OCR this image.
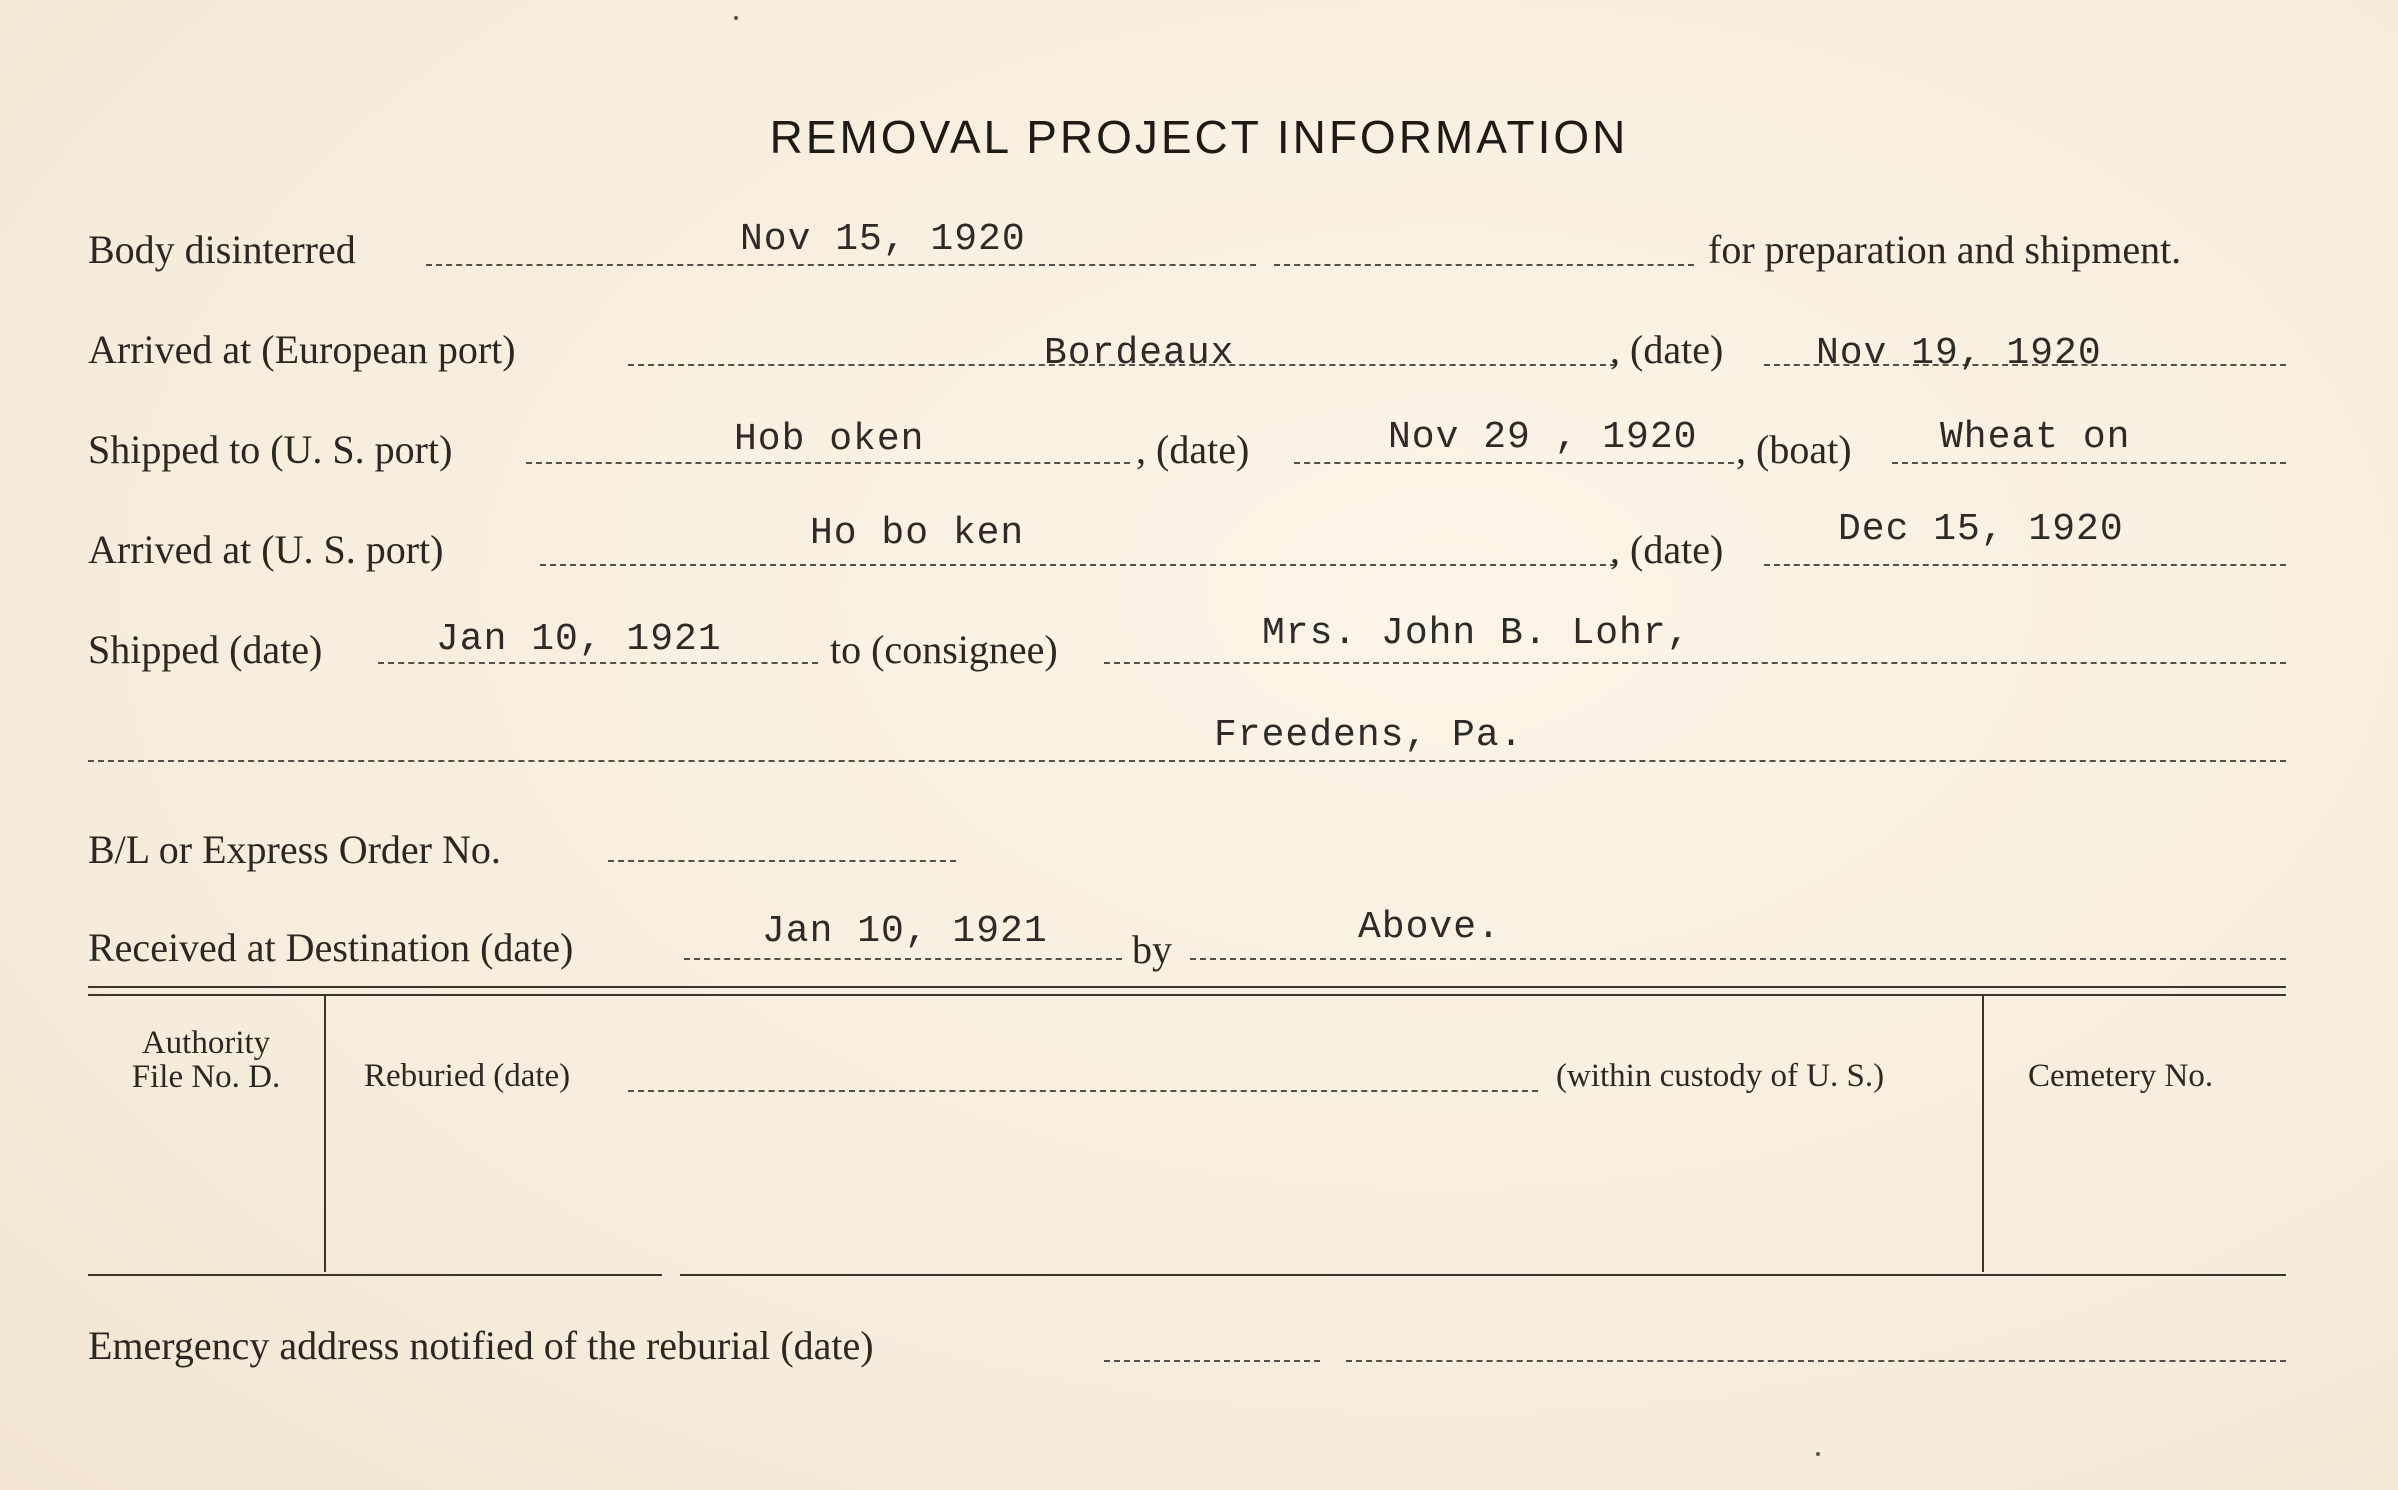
REMOVAL PROJECT INFORMATION
Body disinterred	Nov 15, 1920	for preparation and shipment.
Arrived at (European port)	Bordeaux	, (date) Nov 19, 1920
Shipped to (U. S. port)	Hob oken	, (date)	Nov 29 , 1920 , (boat) Wheat on
Arrived at (U. S. port)	Ho bo ken	, (date)	Dec 15, 1920
Shipped (date)	Jan 10, 1921	to (consignee)	Mrs. John B. Lohr,
Freedens, Pa.
B/L or Express Order No.
Received at Destination (date)	Jan 10, 1921 by	Above.
Authority
File No. D.	Reburied (date)	(within custody of U. S.)	Cemetery No.
Emergency address notified of the reburial (date)
